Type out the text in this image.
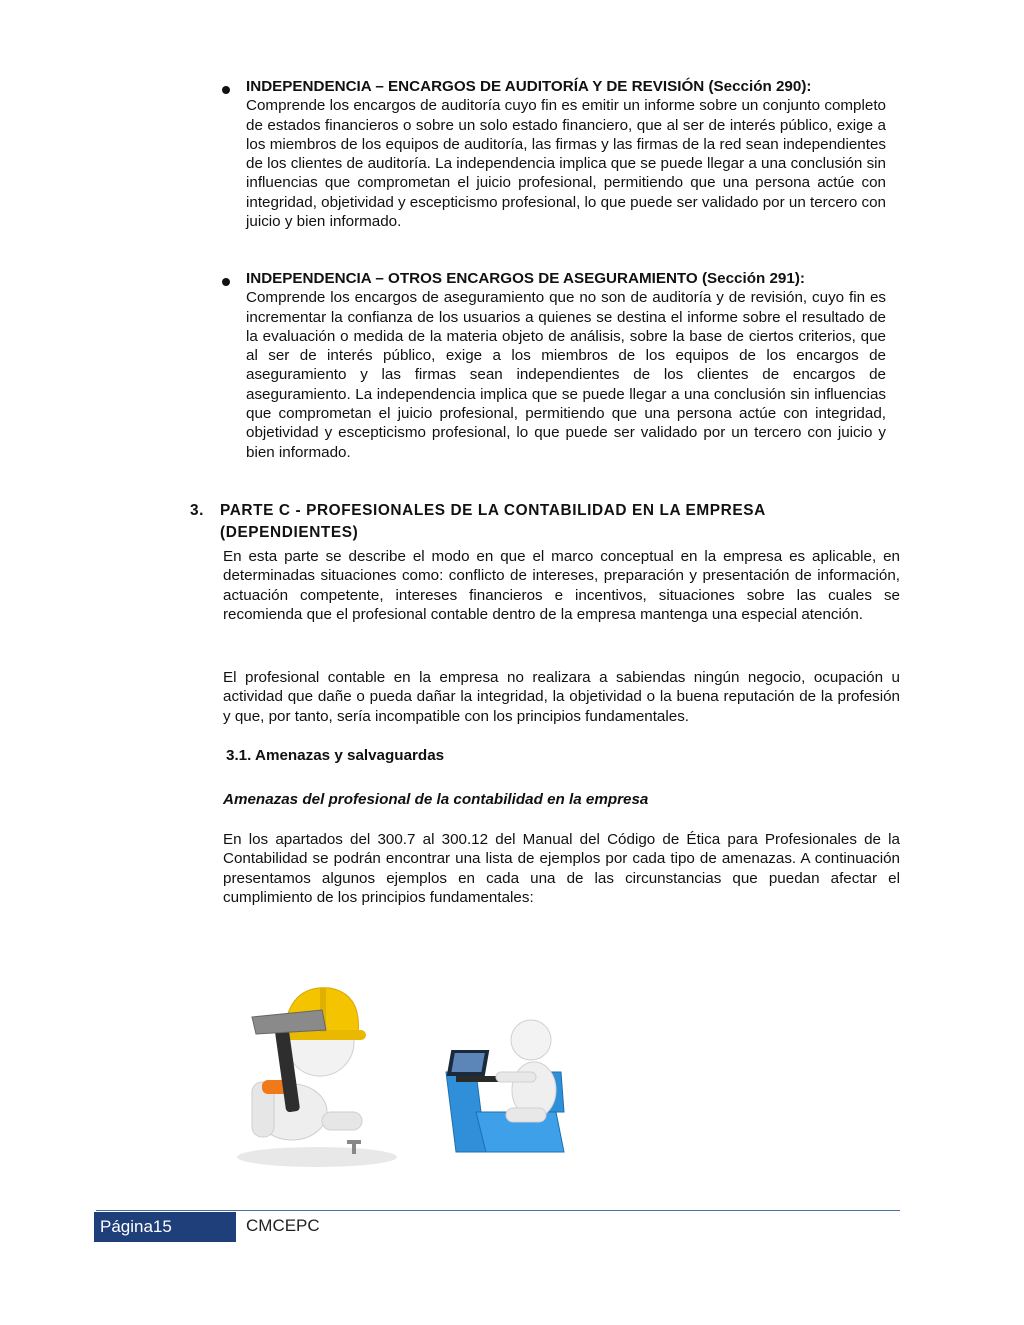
INDEPENDENCIA – ENCARGOS DE AUDITORÍA Y DE REVISIÓN (Sección 290):
Comprende los encargos de auditoría cuyo fin es emitir un informe sobre un conjunto completo de estados financieros o sobre un solo estado financiero, que al ser de interés público, exige a los miembros de los equipos de auditoría, las firmas y las firmas de la red sean independientes de los clientes de auditoría. La independencia implica que se puede llegar a una conclusión sin influencias que comprometan el juicio profesional, permitiendo que una persona actúe con integridad, objetividad y escepticismo profesional, lo que puede ser validado por un tercero con juicio y bien informado.
INDEPENDENCIA – OTROS ENCARGOS DE ASEGURAMIENTO (Sección 291):
Comprende los encargos de aseguramiento que no son de auditoría y de revisión, cuyo fin es incrementar la confianza de los usuarios a quienes se destina el informe sobre el resultado de la evaluación o medida de la materia objeto de análisis, sobre la base de ciertos criterios, que al ser de interés público, exige a los miembros de los equipos de los encargos de aseguramiento y las firmas sean independientes de los clientes de encargos de aseguramiento. La independencia implica que se puede llegar a una conclusión sin influencias que comprometan el juicio profesional, permitiendo que una persona actúe con integridad, objetividad y escepticismo profesional, lo que puede ser validado por un tercero con juicio y bien informado.
3. PARTE C - PROFESIONALES DE LA CONTABILIDAD EN LA EMPRESA (DEPENDIENTES)
En esta parte se describe el modo en que el marco conceptual en la empresa es aplicable, en determinadas situaciones como: conflicto de intereses, preparación y presentación de información, actuación competente, intereses financieros e incentivos, situaciones sobre las cuales se recomienda que el profesional contable dentro de la empresa mantenga una especial atención.
El profesional contable en la empresa no realizara a sabiendas ningún negocio, ocupación u actividad que dañe o pueda dañar la integridad, la objetividad o la buena reputación de la profesión y que, por tanto, sería incompatible con los principios fundamentales.
3.1. Amenazas y salvaguardas
Amenazas del profesional de la contabilidad en la empresa
En los apartados del 300.7 al 300.12 del Manual del Código de Ética para Profesionales de la Contabilidad se podrán encontrar una lista de ejemplos por cada tipo de amenazas. A continuación presentamos algunos ejemplos en cada una de las circunstancias que puedan afectar el cumplimiento de los principios fundamentales:
Página15	CMCEPC
